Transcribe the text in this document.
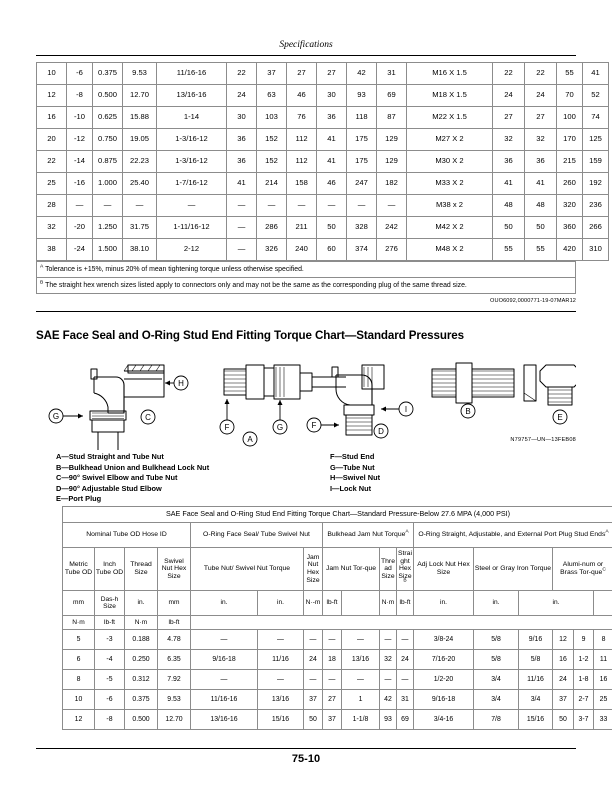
Specifications
10	-6	0.375	9.53	11/16-16	22	37	27	27	42	31	M16 X 1.5	22	22	55	41
12	-8	0.500	12.70	13/16-16	24	63	46	30	93	69	M18 X 1.5	24	24	70	52
16	-10	0.625	15.88	1-14	30	103	76	36	118	87	M22 X 1.5	27	27	100	74
20	-12	0.750	19.05	1-3/16-12	36	152	112	41	175	129	M27 X 2	32	32	170	125
22	-14	0.875	22.23	1-3/16-12	36	152	112	41	175	129	M30 X 2	36	36	215	159
25	-16	1.000	25.40	1-7/16-12	41	214	158	46	247	182	M33 X 2	41	41	260	192
28	—	—	—	—	—	—	—	—	—	—	M38 x 2	48	48	320	236
32	-20	1.250	31.75	1-11/16-12	—	286	211	50	328	242	M42 X 2	50	50	360	266
38	-24	1.500	38.10	2-12	—	326	240	60	374	276	M48 X 2	55	55	420	310
$^A$ Tolerance is +15%, minus 20% of mean tightening torque unless otherwise specified.
$^B$ The straight hex wrench sizes listed apply to connectors only and may not be the same as the corresponding plug of the same thread size.
OUO6092,0000771-19-07MAR12
SAE Face Seal and O-Ring Stud End Fitting Torque Chart—Standard Pressures
H
G	C
F	G
A
I
F
D
B
E
N79757—UN—13FEB08
A—Stud Straight and Tube Nut
B—Bulkhead Union and Bulkhead Lock Nut
C—90° Swivel Elbow and Tube Nut
D—90° Adjustable Stud Elbow
E—Port Plug
F—Stud End
G—Tube Nut
H—Swivel Nut
I—Lock Nut
SAE Face Seal and O-Ring Stud End Fitting Torque Chart—Standard Pressure-Below 27.6 MPA (4,000 PSI)																
Nominal Tube OD Hose ID				O-Ring Face Seal/ Tube Swivel Nut			Bulkhead Jam Nut Torque$^A$				O-Ring Straight, Adjustable, and External Port Plug Stud Ends$^A$
Metric Tube OD	Inch Tube OD	Thread Size	Swivel Nut Hex Size	Tube Nut/ Swivel Nut Torque		Jam Nut Hex Size	Jam Nut Tor-que		Thread Size	Straight Hex Size$^B$	Adj Lock Nut Hex Size	Steel or Gray Iron Torque		Alumi-num or Brass Tor-que$^C$
mm	Das-h Size	in.	mm	in.	in.	N·-m	lb-ft		N·m	lb-ft	in.	in.	in.			
N·m	lb-ft	N·m	lb-ft													
5	-3	0.188	4.78	—	—	—	—	—	—	—	3/8-24	5/8	9/16	12	9	8
6	-4	0.250	6.35	9/16-18	11/16	24	18	13/16	32	24	7/16-20	5/8	5/8	16	1-2	11
8	-5	0.312	7.92	—	—	—	—	—	—	—	1/2-20	3/4	11/16	24	1-8	16
10	-6	0.375	9.53	11/16-16	13/16	37	27	1	42	31	9/16-18	3/4	3/4	37	2-7	25
12	-8	0.500	12.70	13/16-16	15/16	50	37	1-1/8	93	69	3/4-16	7/8	15/16	50	3-7	33
75-10
